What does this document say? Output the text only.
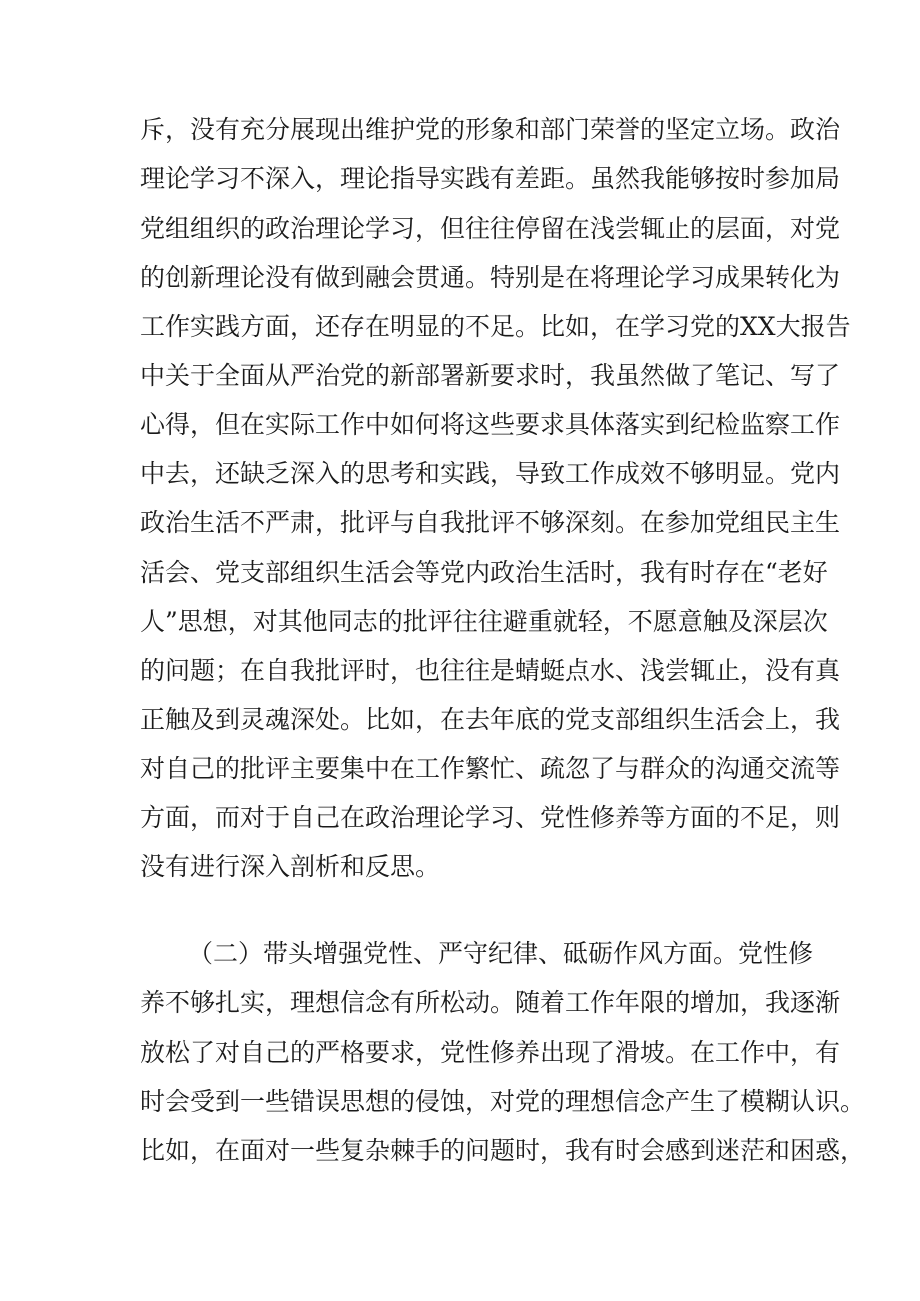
斥，没有充分展现出维护党的形象和部门荣誉的坚定立场。政治

理论学习不深入，理论指导实践有差距。虽然我能够按时参加局

党组组织的政治理论学习，但往往停留在浅尝辄止的层面，对党

的创新理论没有做到融会贯通。特别是在将理论学习成果转化为

工作实践方面，还存在明显的不足。比如，在学习党的XX大报告

中关于全面从严治党的新部署新要求时，我虽然做了笔记、写了

心得，但在实际工作中如何将这些要求具体落实到纪检监察工作

中去，还缺乏深入的思考和实践，导致工作成效不够明显。党内

政治生活不严肃，批评与自我批评不够深刻。在参加党组民主生

活会、党支部组织生活会等党内政治生活时，我有时存在“老好

人”思想，对其他同志的批评往往避重就轻，不愿意触及深层次

的问题；在自我批评时，也往往是蜻蜓点水、浅尝辄止，没有真

正触及到灵魂深处。比如，在去年底的党支部组织生活会上，我

对自己的批评主要集中在工作繁忙、疏忽了与群众的沟通交流等

方面，而对于自己在政治理论学习、党性修养等方面的不足，则

没有进行深入剖析和反思。

（二）带头增强党性、严守纪律、砥砺作风方面。党性修

养不够扎实，理想信念有所松动。随着工作年限的增加，我逐渐

放松了对自己的严格要求，党性修养出现了滑坡。在工作中，有

时会受到一些错误思想的侵蚀，对党的理想信念产生了模糊认识。

比如，在面对一些复杂棘手的问题时，我有时会感到迷茫和困惑，
